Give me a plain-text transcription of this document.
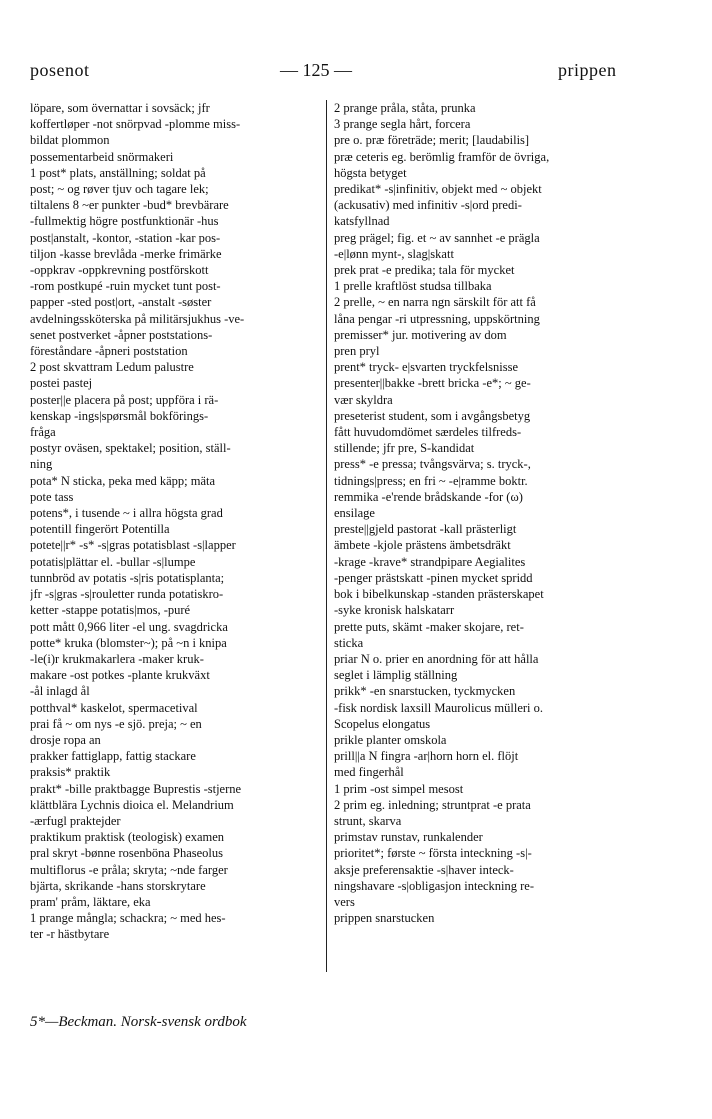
posenot	— 125 —	prippen
löpare, som övernattar i sovsäck; jfr
koffertløper -not snörpvad -plomme miss-
bildat plommon
possementarbeid snörmakeri
1 post* plats, anställning; soldat på
post; ~ og røver tjuv och tagare lek;
tiltalens 8 ~er punkter -bud* brevbärare
-fullmektig högre postfunktionär -hus
post|anstalt, -kontor, -station -kar pos-
tiljon -kasse brevlåda -merke frimärke
-oppkrav -oppkrevning postförskott
-rom postkupé -ruin mycket tunt post-
papper -sted post|ort, -anstalt -søster
avdelningssköterska på militärsjukhus -ve-
senet postverket -åpner poststations-
föreståndare -åpneri poststation
2 post skvattram Ledum palustre
postei pastej
poster||e placera på post; uppföra i rä-
kenskap -ings|spørsmål bokförings-
fråga
postyr oväsen, spektakel; position, ställ-
ning
pota* N sticka, peka med käpp; mäta
pote tass
potens*, i tusende ~ i allra högsta grad
potentill fingerört Potentilla
potete||r* -s* -s|gras potatisblast -s|lapper
potatis|plättar el. -bullar -s|lumpe
tunnbröd av potatis -s|ris potatisplanta;
jfr -s|gras -s|rouletter runda potatiskro-
ketter -stappe potatis|mos, -puré
pott mått 0,966 liter -el ung. svagdricka
potte* kruka (blomster~); på ~n i knipa
-le(i)r krukmakarlera -maker kruk-
makare -ost potkes -plante krukväxt
-ål inlagd ål
potthval* kaskelot, spermacetival
prai få ~ om nys -e sjö. preja; ~ en
drosje ropa an
prakker fattiglapp, fattig stackare
praksis* praktik
prakt* -bille praktbagge Buprestis -stjerne
klättblära Lychnis dioica el. Melandrium
-ærfugl praktejder
praktikum praktisk (teologisk) examen
pral skryt -bønne rosenböna Phaseolus
multiflorus -e pråla; skryta; ~nde farger
bjärta, skrikande -hans storskrytare
pram' pråm, läktare, eka
1 prange mångla; schackra; ~ med hes-
ter -r hästbytare
2 prange pråla, ståta, prunka
3 prange segla hårt, forcera
pre o. præ företräde; merit; [laudabilis]
præ ceteris eg. berömlig framför de övriga,
högsta betyget
predikat* -s|infinitiv, objekt med ~ objekt
(ackusativ) med infinitiv -s|ord predi-
katsfyllnad
preg prägel; fig. et ~ av sannhet -e prägla
-e|lønn mynt-, slag|skatt
prek prat -e predika; tala för mycket
1 prelle kraftlöst studsa tillbaka
2 prelle, ~ en narra ngn särskilt för att få
låna pengar -ri utpressning, uppskörtning
premisser* jur. motivering av dom
pren pryl
prent* tryck- e|svarten tryckfelsnisse
presenter||bakke -brett bricka -e*; ~ ge-
vær skyldra
preseterist student, som i avgångsbetyg
fått huvudomdömet særdeles tilfreds-
stillende; jfr pre, S-kandidat
press* -e pressa; tvångsvärva; s. tryck-,
tidnings|press; en fri ~ -e|ramme boktr.
remmika -e'rende brådskande -for (ω)
ensilage
preste||gjeld pastorat -kall prästerligt
ämbete -kjole prästens ämbetsdräkt
-krage -krave* strandpipare Aegialites
-penger prästskatt -pinen mycket spridd
bok i bibelkunskap -standen prästerskapet
-syke kronisk halskatarr
prette puts, skämt -maker skojare, ret-
sticka
priar N o. prier en anordning för att hålla
seglet i lämplig ställning
prikk* -en snarstucken, tyckmycken
-fisk nordisk laxsill Maurolicus mülleri o.
Scopelus elongatus
prikle planter omskola
prill||a N fingra -ar|horn horn el. flöjt
med fingerhål
1 prim -ost simpel mesost
2 prim eg. inledning; struntprat -e prata
strunt, skarva
primstav runstav, runkalender
prioritet*; første ~ första inteckning -s|-
aksje preferensaktie -s|haver inteck-
ningshavare -s|obligasjon inteckning re-
vers
prippen snarstucken
5*—Beckman. Norsk-svensk ordbok
